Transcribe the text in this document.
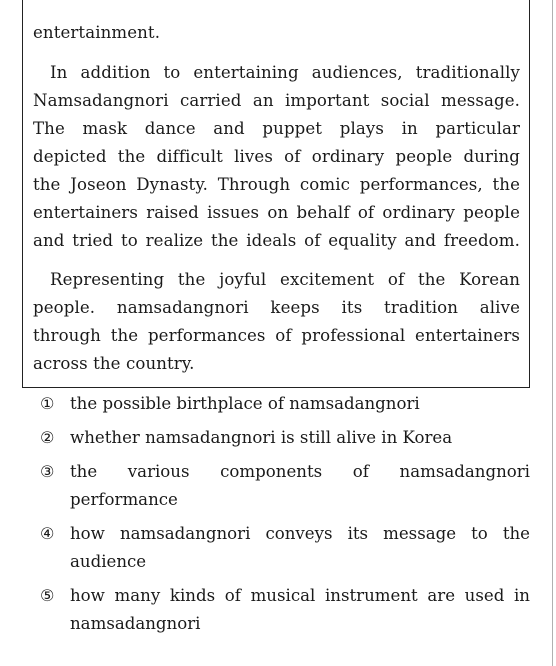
entertainment.

In addition to entertaining audiences, traditionally
Namsadangnori carried an important social message.
The mask dance and puppet plays in particular
depicted the difficult lives of ordinary people during
the Joseon Dynasty. Through comic performances, the
entertainers raised issues on behalf of ordinary people
and tried to realize the ideals of equality and freedom.

Representing the joyful excitement of the Korean
people. namsadangnori keeps its tradition alive
through the performances of professional entertainers
across the country.

① the possible birthplace of namsadangnori
② whether namsadangnori is still alive in Korea
③ the various components of namsadangnori
performance
④ how namsadangnori conveys its message to the
audience
⑤ how many kinds of musical instrument are used in
namsadangnori
